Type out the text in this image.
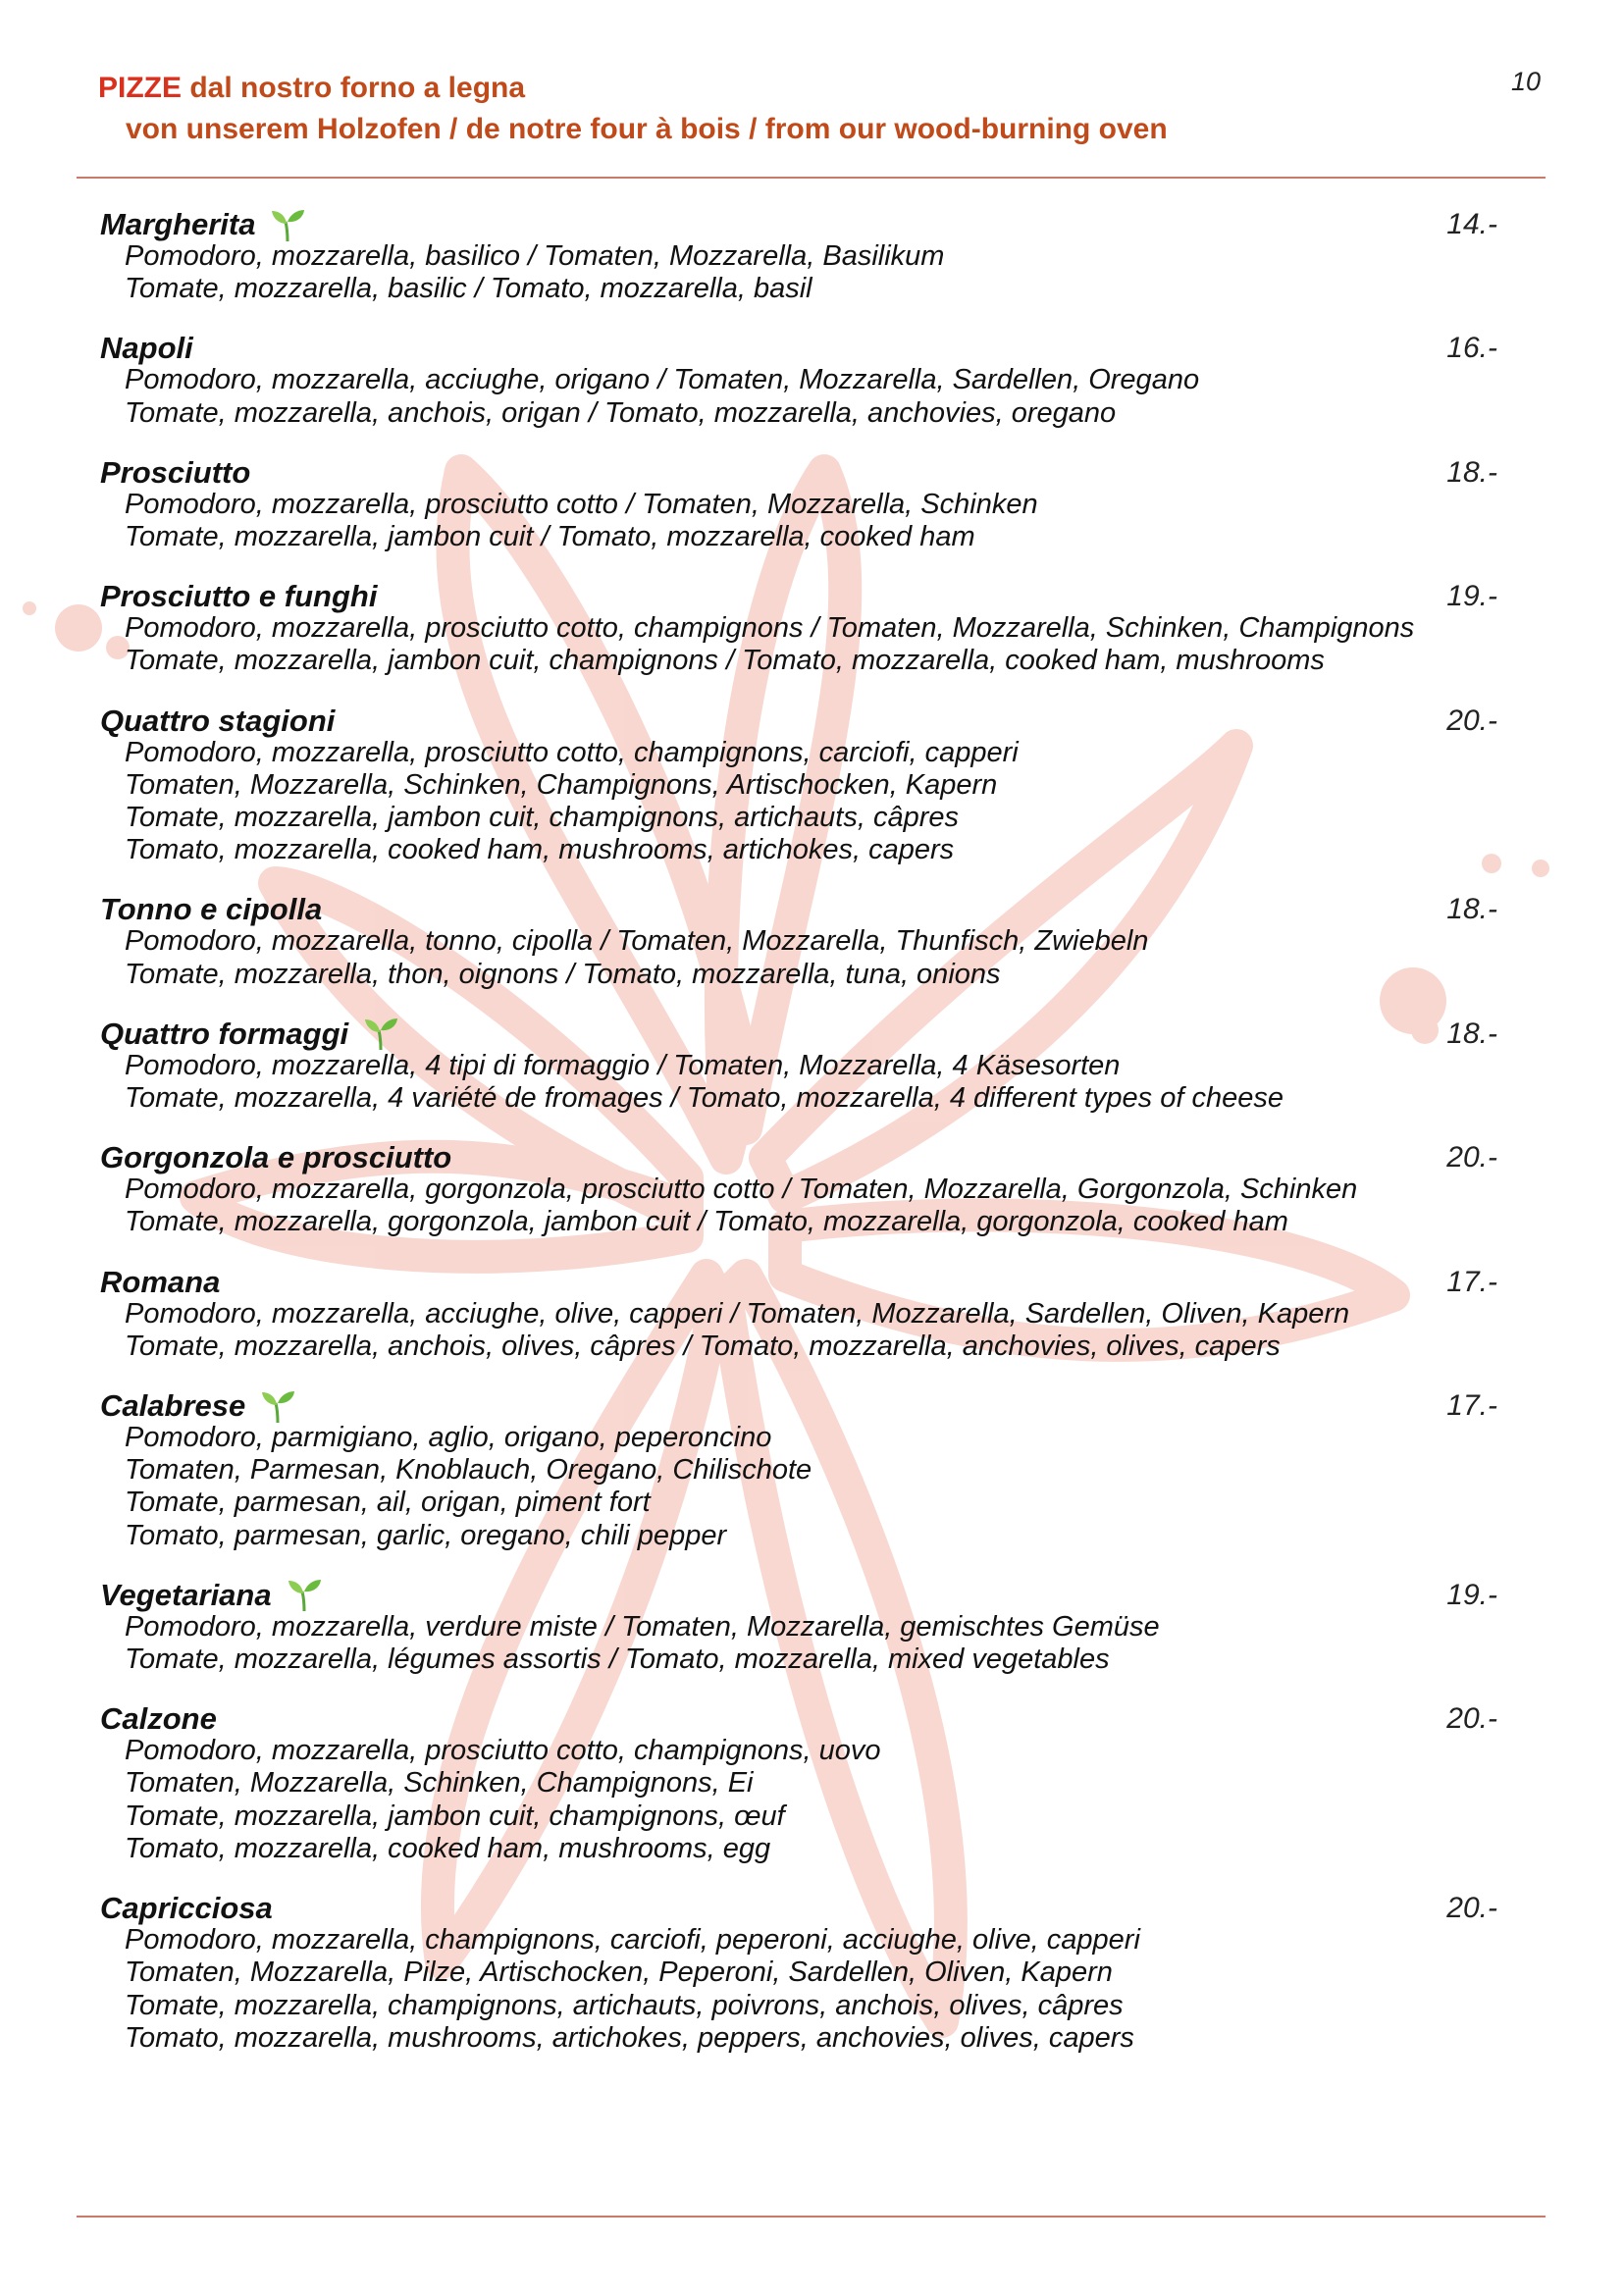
PIZZE dal nostro forno a legna
von unserem Holzofen / de notre four à bois / from our wood-burning oven
10
Margherita	14.-
Pomodoro, mozzarella, basilico / Tomaten, Mozzarella, Basilikum
Tomate, mozzarella, basilic / Tomato, mozzarella, basil
Napoli	16.-
Pomodoro, mozzarella, acciughe, origano / Tomaten, Mozzarella, Sardellen, Oregano
Tomate, mozzarella, anchois, origan / Tomato, mozzarella, anchovies, oregano
Prosciutto	18.-
Pomodoro, mozzarella, prosciutto cotto / Tomaten, Mozzarella, Schinken
Tomate, mozzarella, jambon cuit / Tomato, mozzarella, cooked ham
Prosciutto e funghi	19.-
Pomodoro, mozzarella, prosciutto cotto, champignons / Tomaten, Mozzarella, Schinken, Champignons
Tomate, mozzarella, jambon cuit, champignons / Tomato, mozzarella, cooked ham, mushrooms
Quattro stagioni	20.-
Pomodoro, mozzarella, prosciutto cotto, champignons, carciofi, capperi
Tomaten, Mozzarella, Schinken, Champignons, Artischocken, Kapern
Tomate, mozzarella, jambon cuit, champignons, artichauts, câpres
Tomato, mozzarella, cooked ham, mushrooms, artichokes, capers
Tonno e cipolla	18.-
Pomodoro, mozzarella, tonno, cipolla / Tomaten, Mozzarella, Thunfisch, Zwiebeln
Tomate, mozzarella, thon, oignons / Tomato, mozzarella, tuna, onions
Quattro formaggi	18.-
Pomodoro, mozzarella, 4 tipi di formaggio / Tomaten, Mozzarella, 4 Käsesorten
Tomate, mozzarella, 4 variété de fromages / Tomato, mozzarella, 4 different types of cheese
Gorgonzola e prosciutto	20.-
Pomodoro, mozzarella, gorgonzola, prosciutto cotto / Tomaten, Mozzarella, Gorgonzola, Schinken
Tomate, mozzarella, gorgonzola, jambon cuit / Tomato, mozzarella, gorgonzola, cooked ham
Romana	17.-
Pomodoro, mozzarella, acciughe, olive, capperi / Tomaten, Mozzarella, Sardellen, Oliven, Kapern
Tomate, mozzarella, anchois, olives, câpres / Tomato, mozzarella, anchovies, olives, capers
Calabrese	17.-
Pomodoro, parmigiano, aglio, origano, peperoncino
Tomaten, Parmesan, Knoblauch, Oregano, Chilischote
Tomate, parmesan, ail, origan, piment fort
Tomato, parmesan, garlic, oregano, chili pepper
Vegetariana	19.-
Pomodoro, mozzarella, verdure miste / Tomaten, Mozzarella, gemischtes Gemüse
Tomate, mozzarella, légumes assortis / Tomato, mozzarella, mixed vegetables
Calzone	20.-
Pomodoro, mozzarella, prosciutto cotto, champignons, uovo
Tomaten, Mozzarella, Schinken, Champignons, Ei
Tomate, mozzarella, jambon cuit, champignons, œuf
Tomato, mozzarella, cooked ham, mushrooms, egg
Capricciosa	20.-
Pomodoro, mozzarella, champignons, carciofi, peperoni, acciughe, olive, capperi
Tomaten, Mozzarella, Pilze, Artischocken, Peperoni, Sardellen, Oliven, Kapern
Tomate, mozzarella, champignons, artichauts, poivrons, anchois, olives, câpres
Tomato, mozzarella, mushrooms, artichokes, peppers, anchovies, olives, capers
